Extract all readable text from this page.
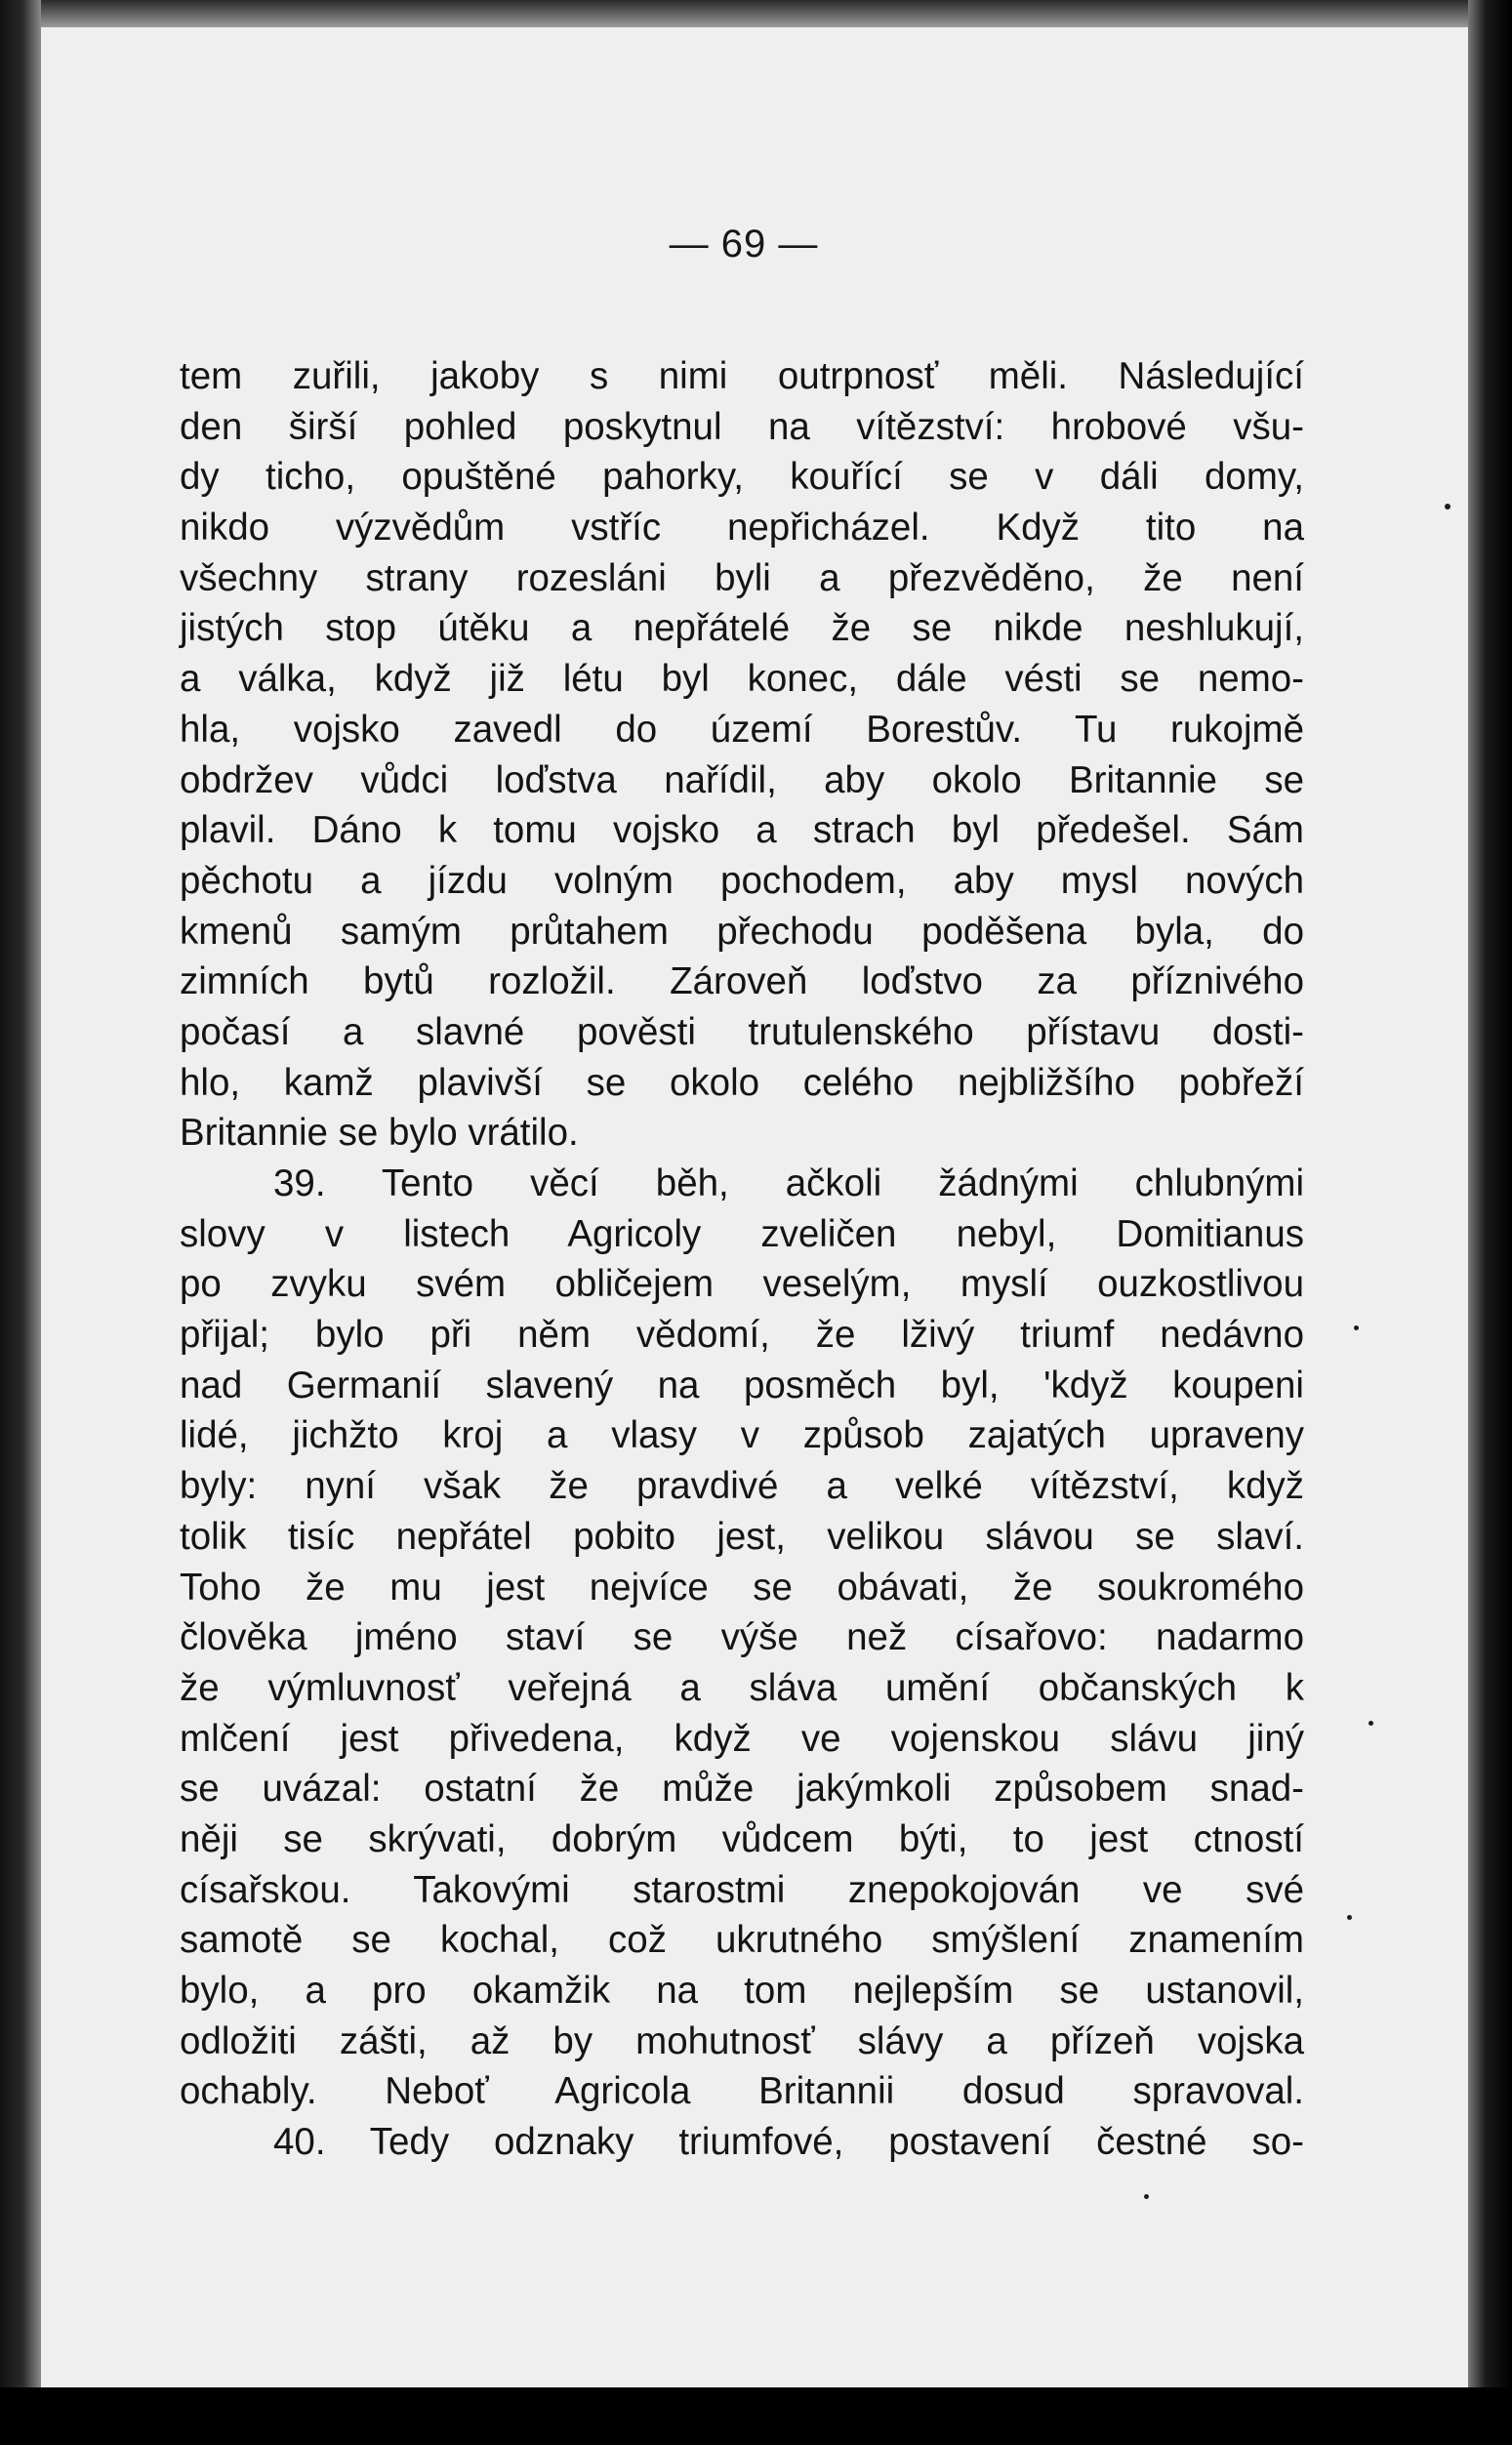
— 69 —
tem zuřili, jakoby s nimi outrpnosť měli. Následující
den širší pohled poskytnul na vítězství: hrobové všu-
dy ticho, opuštěné pahorky, kouřící se v dáli domy,
nikdo výzvědům vstříc nepřicházel. Když tito na
všechny strany rozesláni byli a přezvěděno, že není
jistých stop útěku a nepřátelé že se nikde neshlukují,
a válka, když již létu byl konec, dále vésti se nemo-
hla, vojsko zavedl do území Borestův. Tu rukojmě
obdržev vůdci loďstva nařídil, aby okolo Britannie se
plavil. Dáno k tomu vojsko a strach byl předešel. Sám
pěchotu a jízdu volným pochodem, aby mysl nových
kmenů samým průtahem přechodu poděšena byla, do
zimních bytů rozložil. Zároveň loďstvo za příznivého
počasí a slavné pověsti trutulenského přístavu dosti-
hlo, kamž plavivší se okolo celého nejbližšího pobřeží
Britannie se bylo vrátilo.
39. Tento věcí běh, ačkoli žádnými chlubnými
slovy v listech Agricoly zveličen nebyl, Domitianus
po zvyku svém obličejem veselým, myslí ouzkostlivou
přijal; bylo při něm vědomí, že lživý triumf nedávno
nad Germanií slavený na posměch byl, 'když koupeni
lidé, jichžto kroj a vlasy v způsob zajatých upraveny
byly: nyní však že pravdivé a velké vítězství, když
tolik tisíc nepřátel pobito jest, velikou slávou se slaví.
Toho že mu jest nejvíce se obávati, že soukromého
člověka jméno staví se výše než císařovo: nadarmo
že výmluvnosť veřejná a sláva umění občanských k
mlčení jest přivedena, když ve vojenskou slávu jiný
se uvázal: ostatní že může jakýmkoli způsobem snad-
něji se skrývati, dobrým vůdcem býti, to jest ctností
císařskou. Takovými starostmi znepokojován ve své
samotě se kochal, což ukrutného smýšlení znamením
bylo, a pro okamžik na tom nejlepším se ustanovil,
odložiti zášti, až by mohutnosť slávy a přízeň vojska
ochably. Neboť Agricola Britannii dosud spravoval.
40. Tedy odznaky triumfové, postavení čestné so-
